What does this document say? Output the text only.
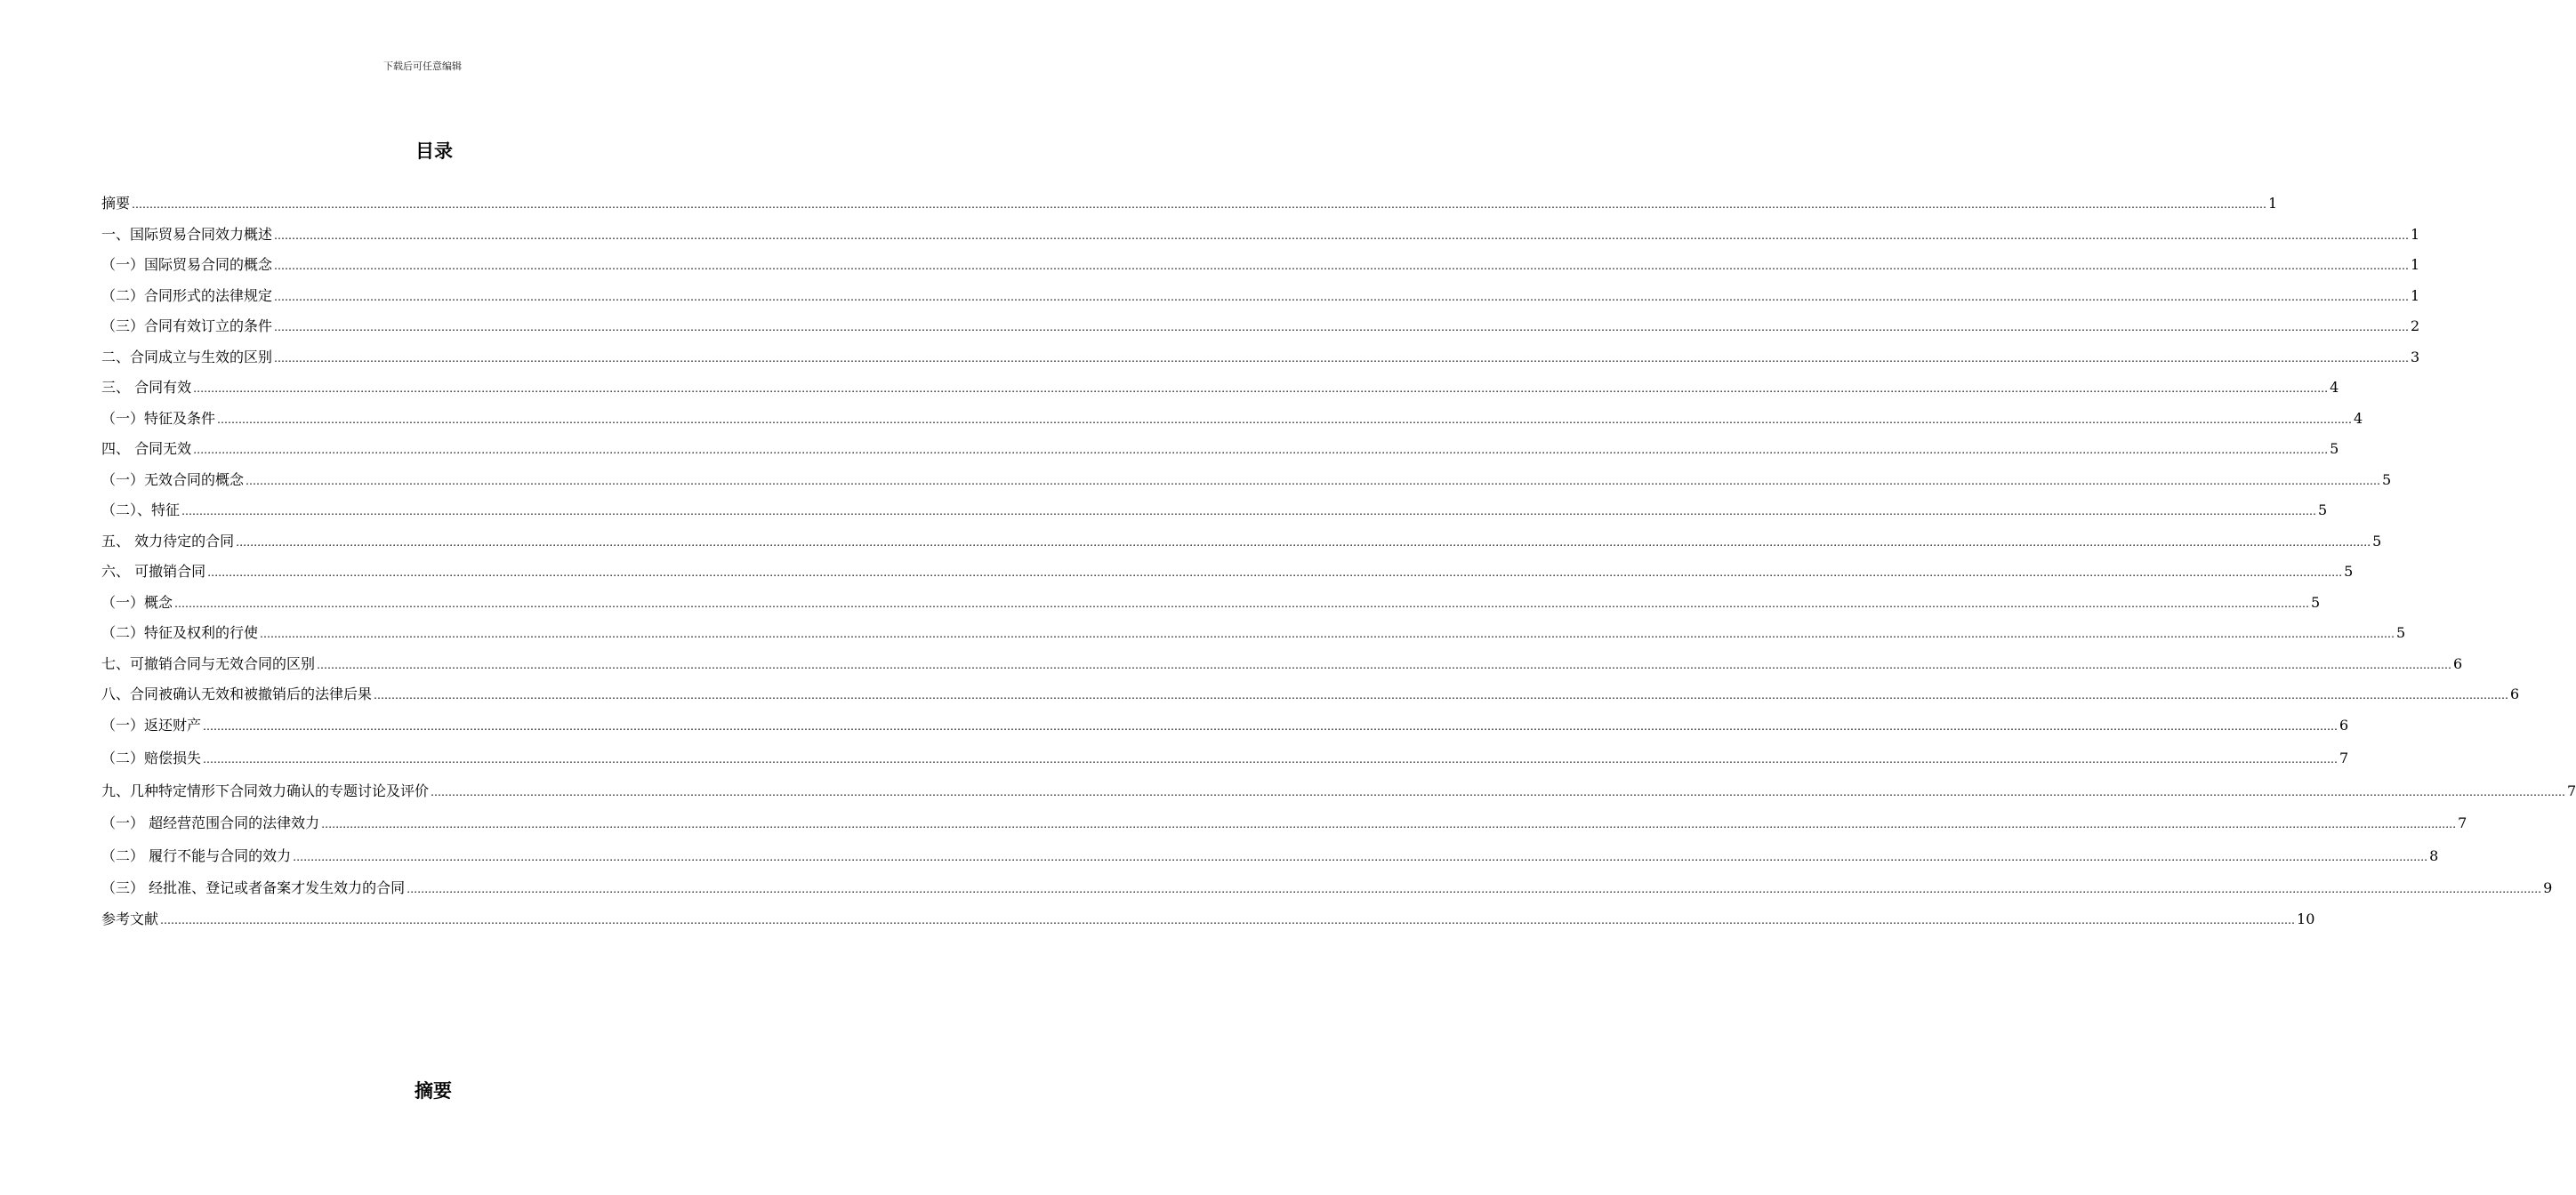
下载后可任意编辑
目录
摘要 …………………………………………………………………………………………………………………………………………………………………………………………………………………………………………………………………………………………………………………………………………………………………………………………………………………………………………………………………………………………………………………………………………………… 1
一、国际贸易合同效力概述 …………………………………………………………………………………………………………………………………………………………………………………………………………………………………………………………………………………………………………………………………………………………………………………………………………………………………………………………………………………………………………………………………………………… 1
（一）国际贸易合同的概念 …………………………………………………………………………………………………………………………………………………………………………………………………………………………………………………………………………………………………………………………………………………………………………………………………………………………………………………………………………………………………………………………………………………… 1
（二）合同形式的法律规定 …………………………………………………………………………………………………………………………………………………………………………………………………………………………………………………………………………………………………………………………………………………………………………………………………………………………………………………………………………………………………………………………………………………… 1
（三）合同有效订立的条件 …………………………………………………………………………………………………………………………………………………………………………………………………………………………………………………………………………………………………………………………………………………………………………………………………………………………………………………………………………………………………………………………………………………… 2
二、合同成立与生效的区别 …………………………………………………………………………………………………………………………………………………………………………………………………………………………………………………………………………………………………………………………………………………………………………………………………………………………………………………………………………………………………………………………………………………… 3
三、 合同有效 …………………………………………………………………………………………………………………………………………………………………………………………………………………………………………………………………………………………………………………………………………………………………………………………………………………………………………………………………………………………………………………………………………………… 4
（一）特征及条件 …………………………………………………………………………………………………………………………………………………………………………………………………………………………………………………………………………………………………………………………………………………………………………………………………………………………………………………………………………………………………………………………………………………… 4
四、 合同无效 …………………………………………………………………………………………………………………………………………………………………………………………………………………………………………………………………………………………………………………………………………………………………………………………………………………………………………………………………………………………………………………………………………………… 5
（一）无效合同的概念 …………………………………………………………………………………………………………………………………………………………………………………………………………………………………………………………………………………………………………………………………………………………………………………………………………………………………………………………………………………………………………………………………………………… 5
（二）、特征 …………………………………………………………………………………………………………………………………………………………………………………………………………………………………………………………………………………………………………………………………………………………………………………………………………………………………………………………………………………………………………………………………………………… 5
五、 效力待定的合同 …………………………………………………………………………………………………………………………………………………………………………………………………………………………………………………………………………………………………………………………………………………………………………………………………………………………………………………………………………………………………………………………………………………… 5
六、 可撤销合同 …………………………………………………………………………………………………………………………………………………………………………………………………………………………………………………………………………………………………………………………………………………………………………………………………………………………………………………………………………………………………………………………………………………… 5
（一）概念 …………………………………………………………………………………………………………………………………………………………………………………………………………………………………………………………………………………………………………………………………………………………………………………………………………………………………………………………………………………………………………………………………………………… 5
（二）特征及权利的行使 …………………………………………………………………………………………………………………………………………………………………………………………………………………………………………………………………………………………………………………………………………………………………………………………………………………………………………………………………………………………………………………………………………………… 5
七、可撤销合同与无效合同的区别 …………………………………………………………………………………………………………………………………………………………………………………………………………………………………………………………………………………………………………………………………………………………………………………………………………………………………………………………………………………………………………………………………………………… 6
八、合同被确认无效和被撤销后的法律后果 …………………………………………………………………………………………………………………………………………………………………………………………………………………………………………………………………………………………………………………………………………………………………………………………………………………………………………………………………………………………………………………………………………………… 6
（一）返还财产 …………………………………………………………………………………………………………………………………………………………………………………………………………………………………………………………………………………………………………………………………………………………………………………………………………………………………………………………………………………………………………………………………………………… 6
（二）赔偿损失 …………………………………………………………………………………………………………………………………………………………………………………………………………………………………………………………………………………………………………………………………………………………………………………………………………………………………………………………………………………………………………………………………………………… 7
九、几种特定情形下合同效力确认的专题讨论及评价 …………………………………………………………………………………………………………………………………………………………………………………………………………………………………………………………………………………………………………………………………………………………………………………………………………………………………………………………………………………………………………………………………………………… 7
（一） 超经营范围合同的法律效力 …………………………………………………………………………………………………………………………………………………………………………………………………………………………………………………………………………………………………………………………………………………………………………………………………………………………………………………………………………………………………………………………………………………… 7
（二） 履行不能与合同的效力 …………………………………………………………………………………………………………………………………………………………………………………………………………………………………………………………………………………………………………………………………………………………………………………………………………………………………………………………………………………………………………………………………………………… 8
（三） 经批准、登记或者备案才发生效力的合同 …………………………………………………………………………………………………………………………………………………………………………………………………………………………………………………………………………………………………………………………………………………………………………………………………………………………………………………………………………………………………………………………………………………… 9
参考文献 …………………………………………………………………………………………………………………………………………………………………………………………………………………………………………………………………………………………………………………………………………………………………………………………………………………………………………………………………………………………………………………………………………………… 10
摘要
